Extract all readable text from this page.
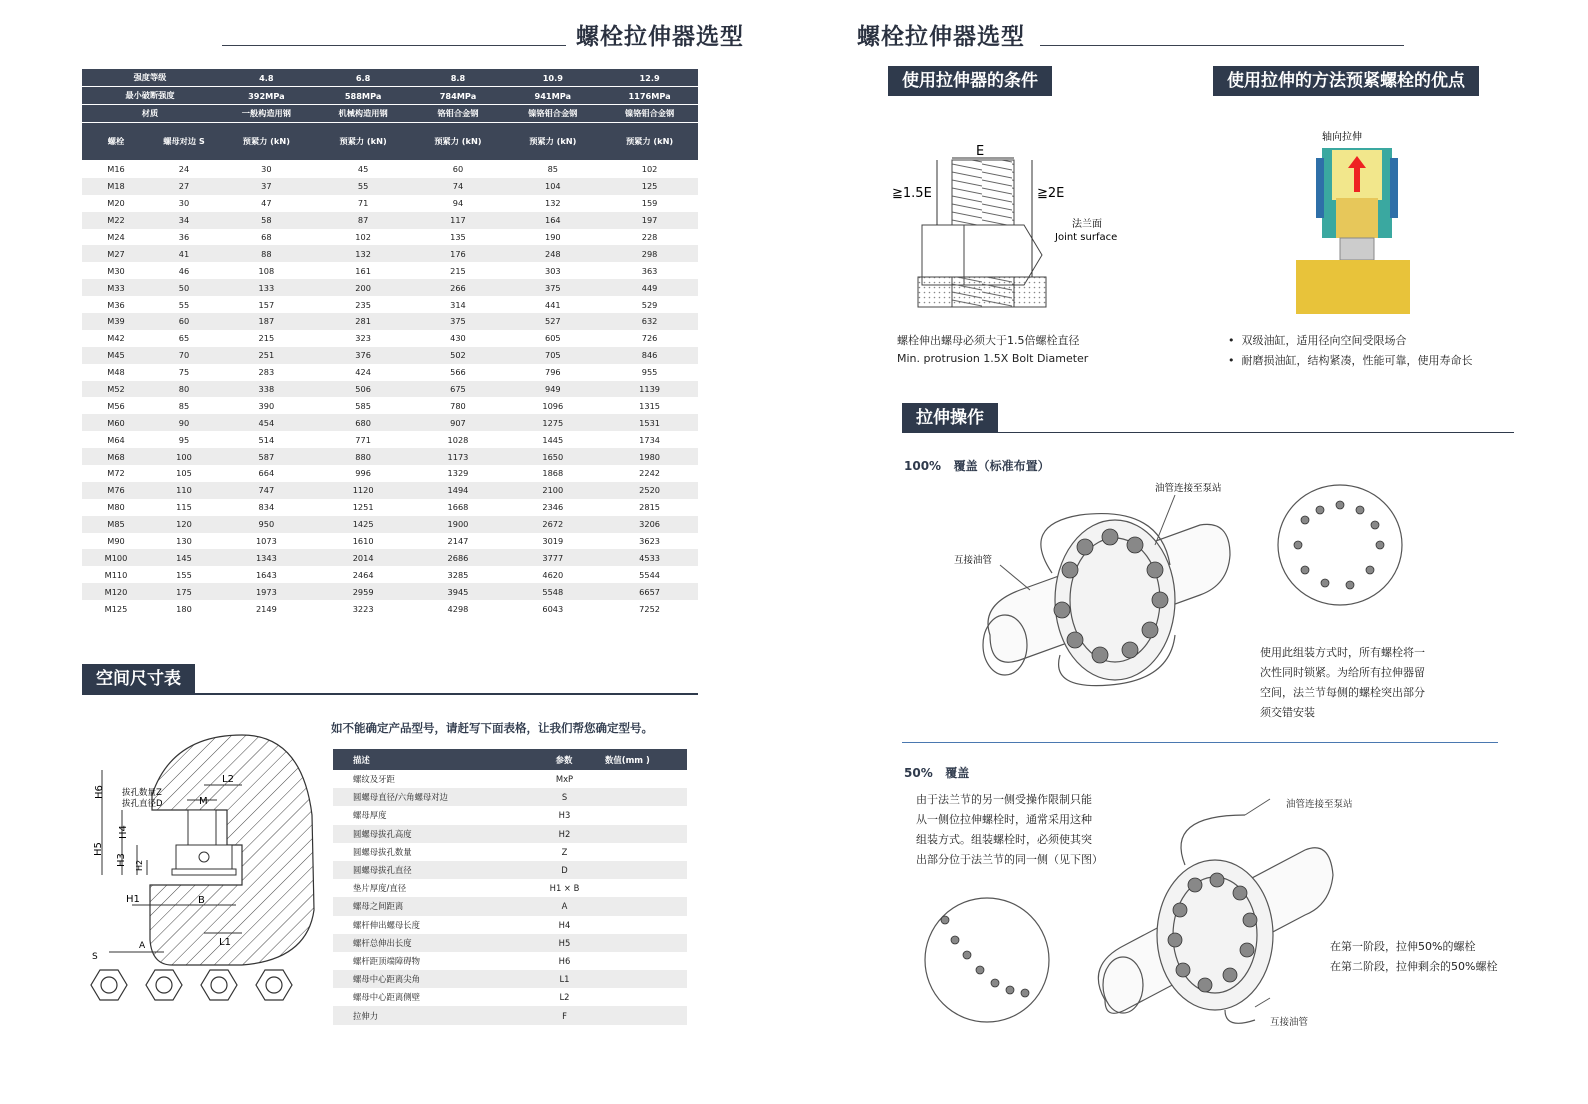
螺栓拉伸器选型
强度等级		4.8	6.8	8.8	10.9	12.9
最小破断强度		392MPa	588MPa	784MPa	941MPa	1176MPa
材质		一般构造用钢	机械构造用钢	铬钼合金钢	镍铬钼合金钢	镍铬钼合金钢
螺栓	螺母对边 S	预紧力 (kN)	预紧力 (kN)	预紧力 (kN)	预紧力 (kN)	预紧力 (kN)
M16	24	30	45	60	85	102
M18	27	37	55	74	104	125
M20	30	47	71	94	132	159
M22	34	58	87	117	164	197
M24	36	68	102	135	190	228
M27	41	88	132	176	248	298
M30	46	108	161	215	303	363
M33	50	133	200	266	375	449
M36	55	157	235	314	441	529
M39	60	187	281	375	527	632
M42	65	215	323	430	605	726
M45	70	251	376	502	705	846
M48	75	283	424	566	796	955
M52	80	338	506	675	949	1139
M56	85	390	585	780	1096	1315
M60	90	454	680	907	1275	1531
M64	95	514	771	1028	1445	1734
M68	100	587	880	1173	1650	1980
M72	105	664	996	1329	1868	2242
M76	110	747	1120	1494	2100	2520
M80	115	834	1251	1668	2346	2815
M85	120	950	1425	1900	2672	3206
M90	130	1073	1610	2147	3019	3623
M100	145	1343	2014	2686	3777	4533
M110	155	1643	2464	3285	4620	5544
M120	175	1973	2959	3945	5548	6657
M125	180	2149	3223	4298	6043	7252
空间尺寸表
如不能确定产品型号，请赶写下面表格，让我们帮您确定型号。
H6
L2
M
拔孔数量Z
拔孔直径D
H4
H5
H3 H2
H1	B
L1
S
A
描述	参数	数值(mm )
螺纹及牙距	MxP	
圆螺母直径/六角螺母对边	S	
螺母厚度	H3	
圆螺母拔孔高度	H2	
圆螺母拔孔数量	Z	
圆螺母拔孔直径	D	
垫片厚度/直径	H1 × B	
螺母之间距离	A	
螺杆伸出螺母长度	H4	
螺杆总伸出长度	H5	
螺杆距顶端障碍物	H6	
螺母中心距离尖角	L1	
螺母中心距离侧壁	L2	
拉伸力	F	
螺栓拉伸器选型
使用拉伸器的条件	使用拉伸的方法预紧螺栓的优点
E
≧1.5E	≧2E
法兰面
Joint surface
螺栓伸出螺母必须大于1.5倍螺栓直径
Min. protrusion 1.5X Bolt Diameter
轴向拉伸
•  双级油缸，适用径向空间受限场合
•  耐磨损油缸，结构紧凑，性能可靠，使用寿命长
拉伸操作
100% 覆盖（标准布置）
油管连接至泵站
互接油管
使用此组装方式时，所有螺栓将一
次性同时锁紧。为给所有拉伸器留
空间，法兰节每侧的螺栓突出部分
须交错安装
50% 覆盖
由于法兰节的另一侧受操作限制只能
从一侧位拉伸螺栓时，通常采用这种
组装方式。组装螺栓时，必须使其突
出部分位于法兰节的同一侧（见下图）
油管连接至泵站
互接油管
在第一阶段，拉伸50%的螺栓
在第二阶段，拉伸剩余的50%螺栓
